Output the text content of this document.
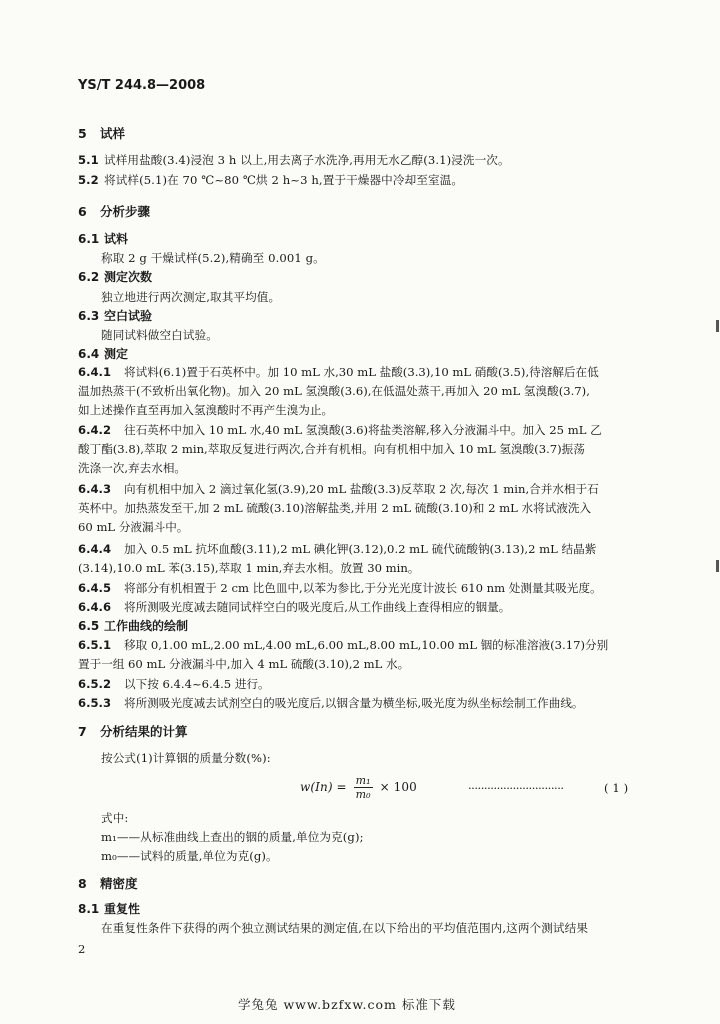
YS/T 244.8—2008
5 试样
5.1 试样用盐酸(3.4)浸泡 3 h 以上,用去离子水洗净,再用无水乙醇(3.1)浸洗一次。
5.2 将试样(5.1)在 70 ℃~80 ℃烘 2 h~3 h,置于干燥器中冷却至室温。
6 分析步骤
6.1 试料
称取 2 g 干燥试样(5.2),精确至 0.001 g。
6.2 测定次数
独立地进行两次测定,取其平均值。
6.3 空白试验
随同试料做空白试验。
6.4 测定
6.4.1 将试料(6.1)置于石英杯中。加 10 mL 水,30 mL 盐酸(3.3),10 mL 硝酸(3.5),待溶解后在低
温加热蒸干(不致析出氧化物)。加入 20 mL 氢溴酸(3.6),在低温处蒸干,再加入 20 mL 氢溴酸(3.7),
如上述操作直至再加入氢溴酸时不再产生溴为止。
6.4.2 往石英杯中加入 10 mL 水,40 mL 氢溴酸(3.6)将盐类溶解,移入分液漏斗中。加入 25 mL 乙
酸丁酯(3.8),萃取 2 min,萃取反复进行两次,合并有机相。向有机相中加入 10 mL 氢溴酸(3.7)振荡
洗涤一次,弃去水相。
6.4.3 向有机相中加入 2 滴过氧化氢(3.9),20 mL 盐酸(3.3)反萃取 2 次,每次 1 min,合并水相于石
英杯中。加热蒸发至干,加 2 mL 硫酸(3.10)溶解盐类,并用 2 mL 硫酸(3.10)和 2 mL 水将试液洗入
60 mL 分液漏斗中。
6.4.4 加入 0.5 mL 抗坏血酸(3.11),2 mL 碘化钾(3.12),0.2 mL 硫代硫酸钠(3.13),2 mL 结晶紫
(3.14),10.0 mL 苯(3.15),萃取 1 min,弃去水相。放置 30 min。
6.4.5 将部分有机相置于 2 cm 比色皿中,以苯为参比,于分光光度计波长 610 nm 处测量其吸光度。
6.4.6 将所测吸光度减去随同试样空白的吸光度后,从工作曲线上查得相应的铟量。
6.5 工作曲线的绘制
6.5.1 移取 0,1.00 mL,2.00 mL,4.00 mL,6.00 mL,8.00 mL,10.00 mL 铟的标准溶液(3.17)分别
置于一组 60 mL 分液漏斗中,加入 4 mL 硫酸(3.10),2 mL 水。
6.5.2 以下按 6.4.4~6.4.5 进行。
6.5.3 将所测吸光度减去试剂空白的吸光度后,以铟含量为横坐标,吸光度为纵坐标绘制工作曲线。
7 分析结果的计算
按公式(1)计算铟的质量分数(%):
$w(In) = \frac{\text{m₁}}{\text{m₀}} \times 100$	······························	( 1 )
式中:
m₁——从标准曲线上查出的铟的质量,单位为克(g);
m₀——试料的质量,单位为克(g)。
8 精密度
8.1 重复性
在重复性条件下获得的两个独立测试结果的测定值,在以下给出的平均值范围内,这两个测试结果
2
学兔兔 www.bzfxw.com 标准下载
